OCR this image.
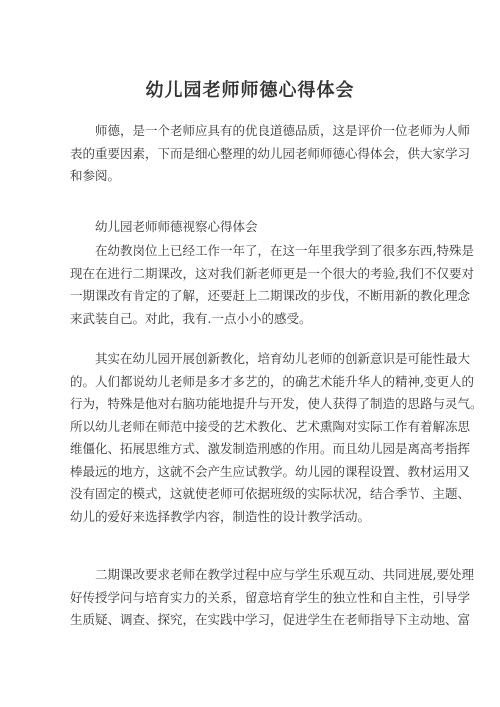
幼儿园老师师德心得体会
师德，是一个老师应具有的优良道德品质，这是评价一位老师为人师
表的重要因素，下而是细心整理的幼儿园老师师德心得体会，供大家学习
和参阅。
幼儿园老师师德视察心得体会
在幼教岗位上已经工作一年了，在这一年里我学到了很多东西,特殊是
现在在进行二期课改，这对我们新老师更是一个很大的考验,我们不仅要对
一期课改有肯定的了解，还要赶上二期课改的步伐，不断用新的教化理念
来武装自己。对此，我有.一点小小的感受。
其实在幼儿园开展创新教化，培育幼儿老师的创新意识是可能性最大
的。人们都说幼儿老师是多才多艺的，的确艺术能升华人的精神,变更人的
行为，特殊是他对右脑功能地提升与开发，使人获得了制造的思路与灵气。
所以幼儿老师在师范中接受的艺术教化、艺术熏陶对实际工作有着解冻思
维僵化、拓展思维方式、激发制造刑感的作用。而且幼儿园是离高考指挥
棒最远的地方，这就不会产生应试教学。幼儿园的课程设置、教材运用又
没有固定的模式，这就使老师可依据班级的实际状况，结合季节、主题、
幼儿的爱好来选择教学内容，制造性的设计教学活动。
二期课改要求老师在教学过程中应与学生乐观互动、共同进展,要处理
好传授学问与培育实力的关系，留意培育学生的独立性和自主性，引导学
生质疑、调查、探究，在实践中学习，促进学生在老师指导下主动地、富
